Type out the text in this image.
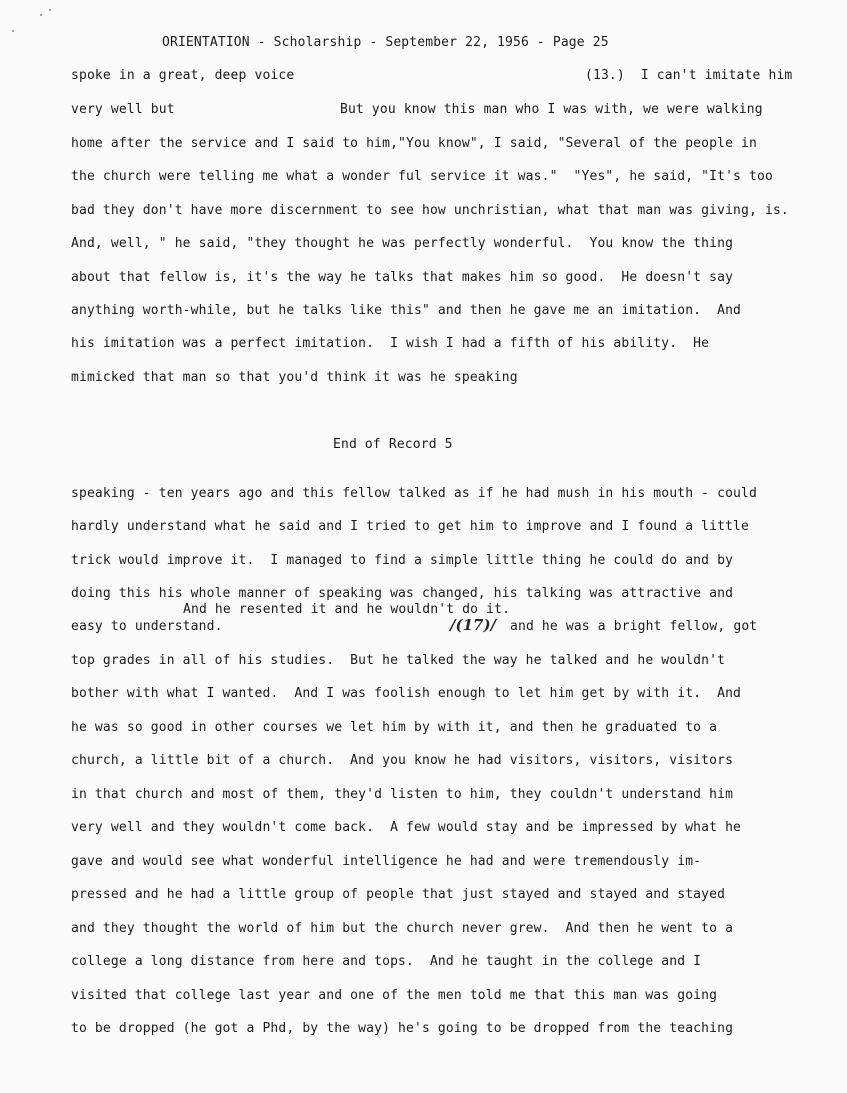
ORIENTATION - Scholarship - September 22, 1956 - Page 25
spoke in a great, deep voice	(13.)  I can't imitate him
very well but	But you know this man who I was with, we were walking
home after the service and I said to him,"You know", I said, "Several of the people in
the church were telling me what a wonder ful service it was."  "Yes", he said, "It's too
bad they don't have more discernment to see how unchristian, what that man was giving, is.
And, well, " he said, "they thought he was perfectly wonderful.  You know the thing
about that fellow is, it's the way he talks that makes him so good.  He doesn't say
anything worth-while, but he talks like this" and then he gave me an imitation.  And
his imitation was a perfect imitation.  I wish I had a fifth of his ability.  He
mimicked that man so that you'd think it was he speaking
End of Record 5
speaking - ten years ago and this fellow talked as if he had mush in his mouth - could
hardly understand what he said and I tried to get him to improve and I found a little
trick would improve it.  I managed to find a simple little thing he could do and by
doing this his whole manner of speaking was changed, his talking was attractive and
And he resented it and he wouldn't do it.
easy to understand.	/(17)/ and he was a bright fellow, got
top grades in all of his studies.  But he talked the way he talked and he wouldn't
bother with what I wanted.  And I was foolish enough to let him get by with it.  And
he was so good in other courses we let him by with it, and then he graduated to a
church, a little bit of a church.  And you know he had visitors, visitors, visitors
in that church and most of them, they'd listen to him, they couldn't understand him
very well and they wouldn't come back.  A few would stay and be impressed by what he
gave and would see what wonderful intelligence he had and were tremendously im-
pressed and he had a little group of people that just stayed and stayed and stayed
and they thought the world of him but the church never grew.  And then he went to a
college a long distance from here and tops.  And he taught in the college and I
visited that college last year and one of the men told me that this man was going
to be dropped (he got a Phd, by the way) he's going to be dropped from the teaching
